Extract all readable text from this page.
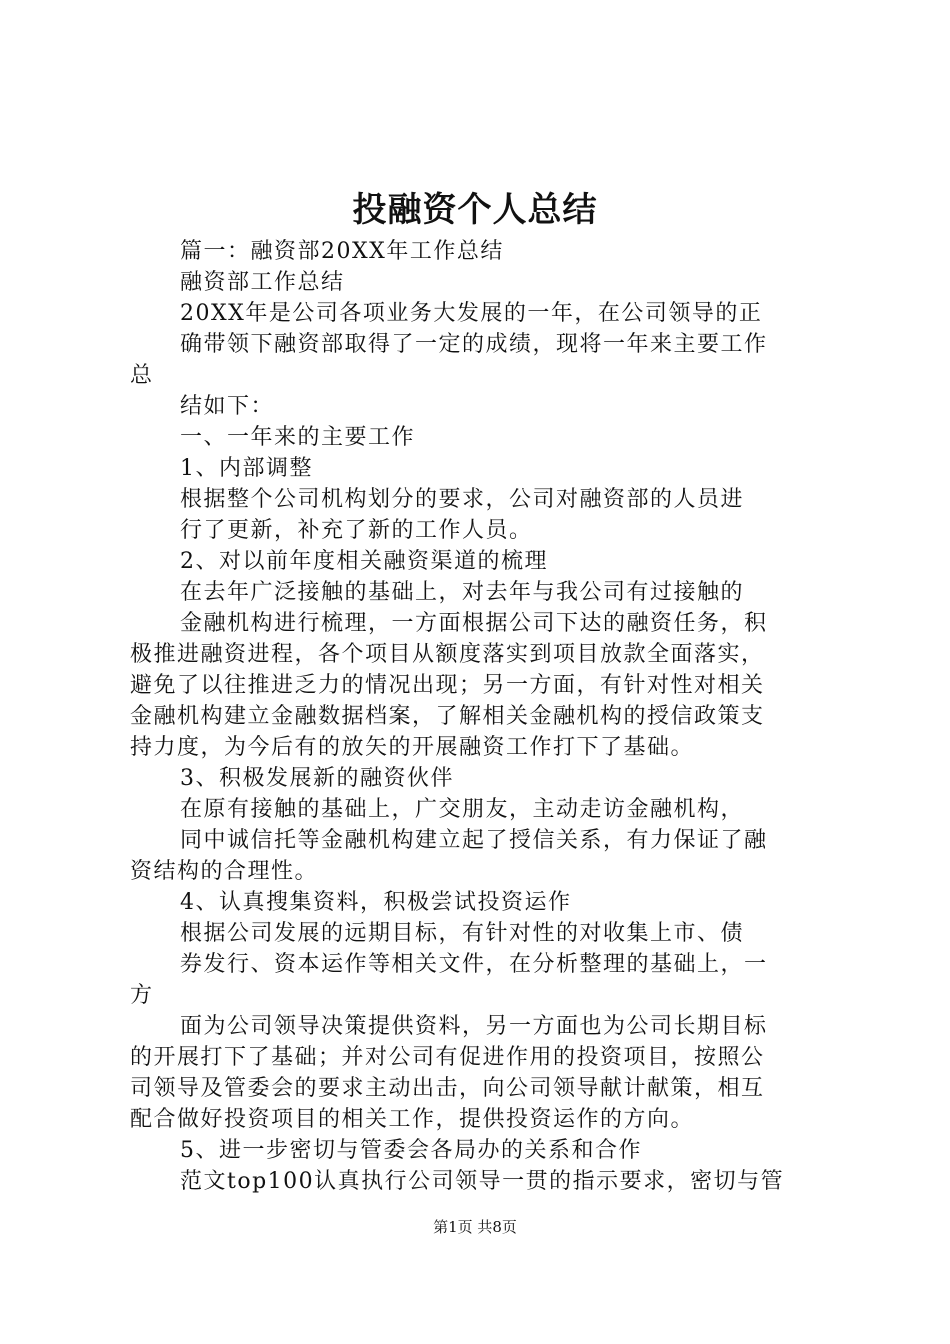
投融资个人总结
篇一：融资部20XX年工作总结
融资部工作总结
20XX年是公司各项业务大发展的一年，在公司领导的正
确带领下融资部取得了一定的成绩，现将一年来主要工作
总
结如下：
一、一年来的主要工作
1、内部调整
根据整个公司机构划分的要求，公司对融资部的人员进
行了更新，补充了新的工作人员。
2、对以前年度相关融资渠道的梳理
在去年广泛接触的基础上，对去年与我公司有过接触的
金融机构进行梳理，一方面根据公司下达的融资任务，积
极推进融资进程，各个项目从额度落实到项目放款全面落实，
避免了以往推进乏力的情况出现；另一方面，有针对性对相关
金融机构建立金融数据档案，了解相关金融机构的授信政策支
持力度，为今后有的放矢的开展融资工作打下了基础。
3、积极发展新的融资伙伴
在原有接触的基础上，广交朋友，主动走访金融机构，
同中诚信托等金融机构建立起了授信关系，有力保证了融
资结构的合理性。
4、认真搜集资料，积极尝试投资运作
根据公司发展的远期目标，有针对性的对收集上市、债
券发行、资本运作等相关文件，在分析整理的基础上，一
方
面为公司领导决策提供资料，另一方面也为公司长期目标
的开展打下了基础；并对公司有促进作用的投资项目，按照公
司领导及管委会的要求主动出击，向公司领导献计献策，相互
配合做好投资项目的相关工作，提供投资运作的方向。
5、进一步密切与管委会各局办的关系和合作
范文top100认真执行公司领导一贯的指示要求，密切与管
第1页 共8页
